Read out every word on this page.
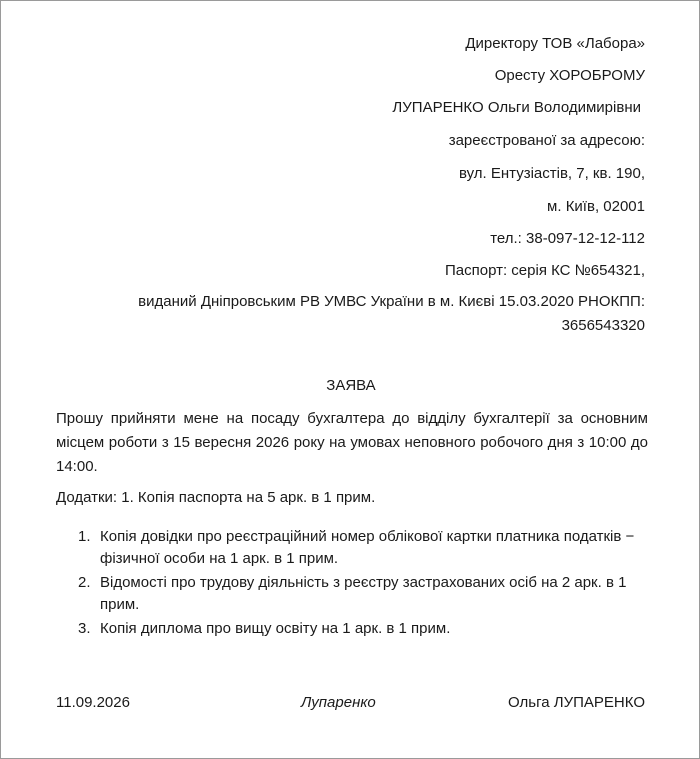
Директору ТОВ «Лабора»
Оресту ХОРОБРОМУ
ЛУПАРЕНКО Ольги Володимирівни
зареєстрованої за адресою:
вул. Ентузіастів, 7, кв. 190,
м. Київ, 02001
тел.: 38-097-12-12-112
Паспорт: серія КС №654321,
виданий Дніпровським РВ УМВС України в м. Києві 15.03.2020 РНОКПП: 3656543320
ЗАЯВА
Прошу прийняти мене на посаду бухгалтера до відділу бухгалтерії за основним місцем роботи з 15 вересня 2026 року на умовах неповного робочого дня з 10:00 до 14:00.
Додатки: 1. Копія паспорта на 5 арк. в 1 прим.
1. Копія довідки про реєстраційний номер облікової картки платника податків − фізичної особи на 1 арк. в 1 прим.
2. Відомості про трудову діяльність з реєстру застрахованих осіб на 2 арк. в 1 прим.
3. Копія диплома про вищу освіту на 1 арк. в 1 прим.
11.09.2026	Лупаренко	Ольга ЛУПАРЕНКО
